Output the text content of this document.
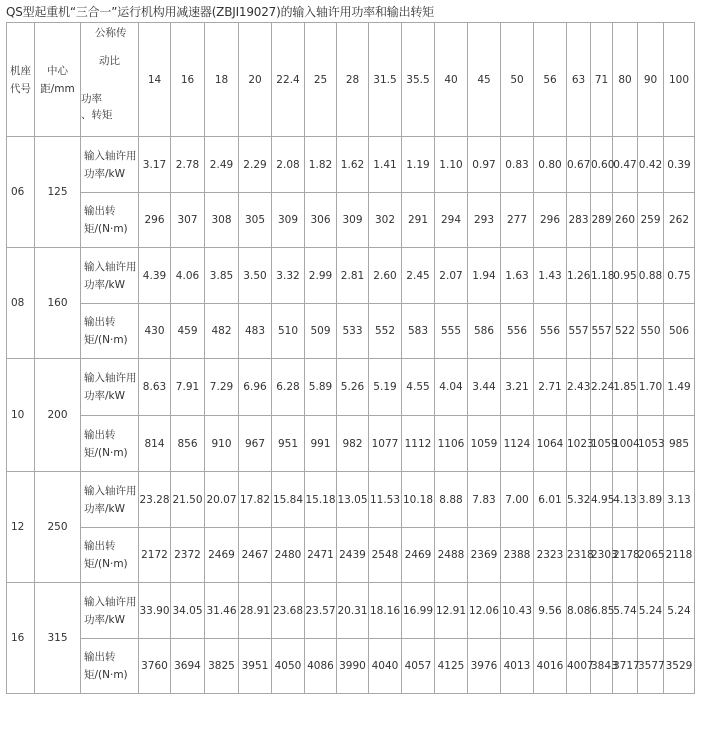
QS型起重机“三合一”运行机构用减速器(ZBJI19027)的输入轴许用功率和输出转矩
机座代号	中心距/mm	公称传
动比
功率
、转矩	14	16	18	20	22.4	25	28	31.5	35.5	40	45	50	56	63	71	80	90	100
06	125	输入轴许用功率/kW	3.17	2.78	2.49	2.29	2.08	1.82	1.62	1.41	1.19	1.10	0.97	0.83	0.80	0.67	0.60	0.47	0.42	0.39
		输出转矩/(N·m)	296	307	308	305	309	306	309	302	291	294	293	277	296	283	289	260	259	262
08	160	输入轴许用功率/kW	4.39	4.06	3.85	3.50	3.32	2.99	2.81	2.60	2.45	2.07	1.94	1.63	1.43	1.26	1.18	0.95	0.88	0.75
		输出转矩/(N·m)	430	459	482	483	510	509	533	552	583	555	586	556	556	557	557	522	550	506
10	200	输入轴许用功率/kW	8.63	7.91	7.29	6.96	6.28	5.89	5.26	5.19	4.55	4.04	3.44	3.21	2.71	2.43	2.24	1.85	1.70	1.49
		输出转矩/(N·m)	814	856	910	967	951	991	982	1077	1112	1106	1059	1124	1064	1023	1059	1004	1053	985
12	250	输入轴许用功率/kW	23.28	21.50	20.07	17.82	15.84	15.18	13.05	11.53	10.18	8.88	7.83	7.00	6.01	5.32	4.95	4.13	3.89	3.13
		输出转矩/(N·m)	2172	2372	2469	2467	2480	2471	2439	2548	2469	2488	2369	2388	2323	2318	2303	2178	2065	2118
16	315	输入轴许用功率/kW	33.90	34.05	31.46	28.91	23.68	23.57	20.31	18.16	16.99	12.91	12.06	10.43	9.56	8.08	6.85	5.74	5.24	5.24
		输出转矩/(N·m)	3760	3694	3825	3951	4050	4086	3990	4040	4057	4125	3976	4013	4016	4007	3843	3717	3577	3529
